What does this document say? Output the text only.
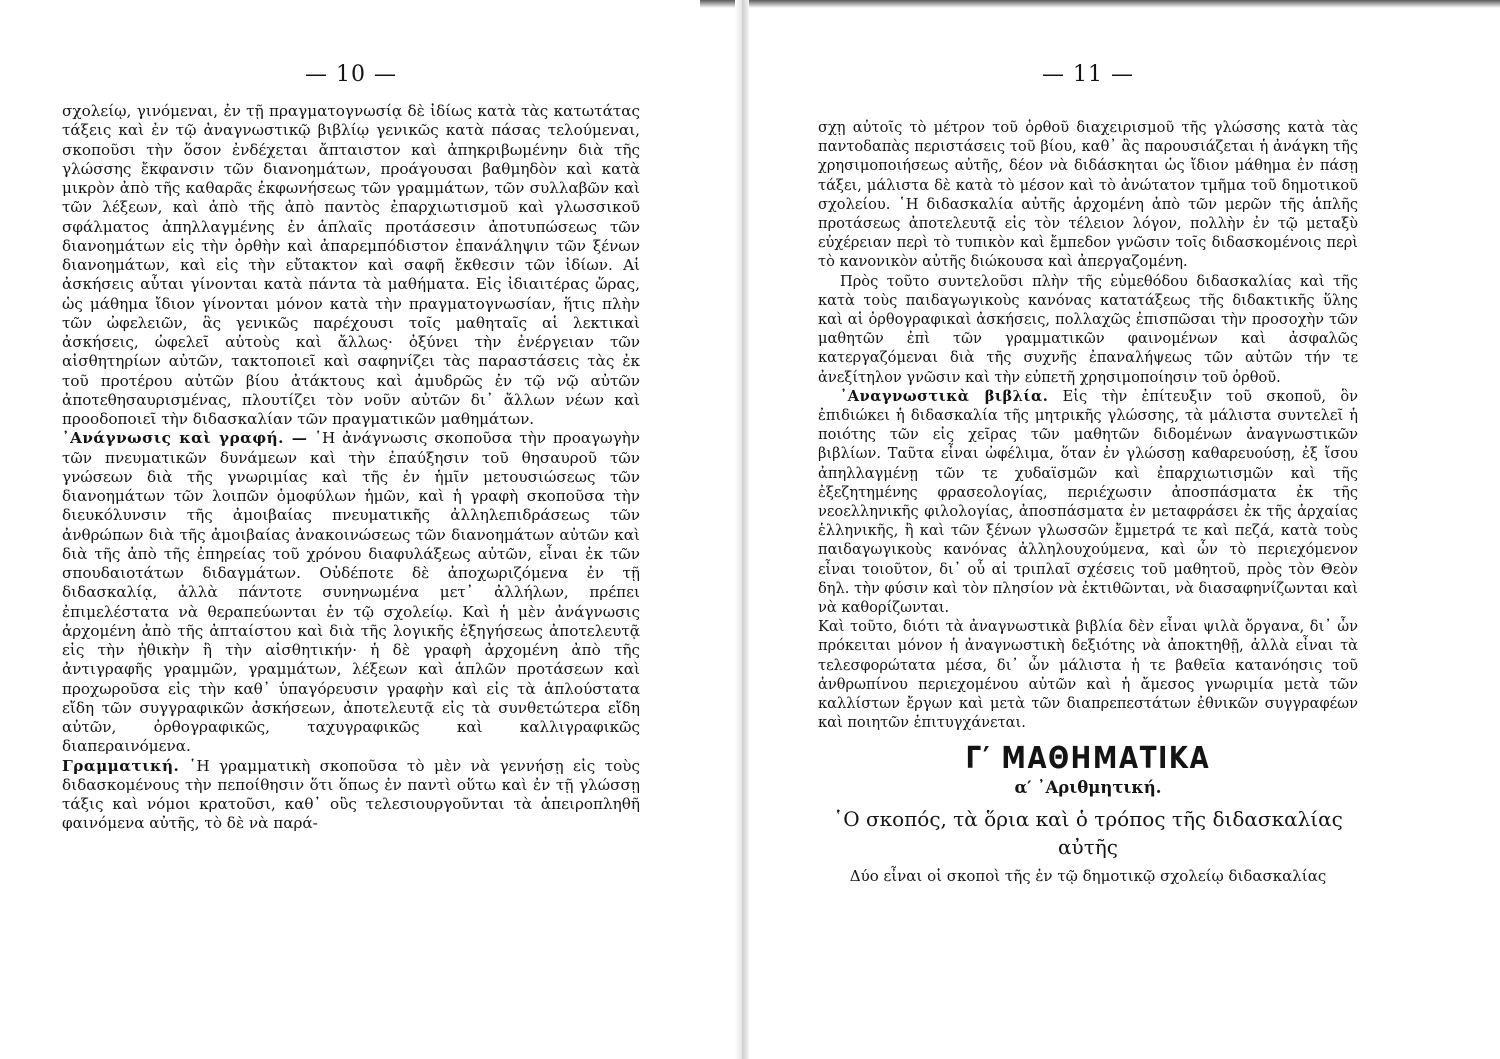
— 10 —

σχολείῳ, γινόμεναι, ἐν τῇ πραγματογνωσίᾳ δὲ ἰδίως κατὰ τὰς κατωτάτας τάξεις καὶ ἐν τῷ ἀναγνωστικῷ βιβλίῳ γενικῶς κατὰ πάσας τελούμεναι, σκοποῦσι τὴν ὅσον ἐνδέχεται ἄπταιστον καὶ ἀπηκριβωμένην διὰ τῆς γλώσσης ἔκφανσιν τῶν διανοημάτων, προάγουσαι βαθμηδὸν καὶ κατὰ μικρὸν ἀπὸ τῆς καθαρᾶς ἐκφωνήσεως τῶν γραμμάτων, τῶν συλλαβῶν καὶ τῶν λέξεων, καὶ ἀπὸ τῆς ἀπὸ παντὸς ἐπαρχιωτισμοῦ καὶ γλωσσικοῦ σφάλματος ἀπηλλαγμένης ἐν ἁπλαῖς προτάσεσιν ἀποτυπώσεως τῶν διανοημάτων εἰς τὴν ὀρθὴν καὶ ἀπαρεμπόδιστον ἐπανάληψιν τῶν ξένων διανοημάτων, καὶ εἰς τὴν εὔτακτον καὶ σαφῆ ἔκθεσιν τῶν ἰδίων. Αἱ ἀσκήσεις αὗται γίνονται κατὰ πάντα τὰ μαθήματα. Εἰς ἰδιαιτέρας ὥρας, ὡς μάθημα ἴδιον γίνονται μόνον κατὰ τὴν πραγματογνωσίαν, ἥτις πλὴν τῶν ὠφελειῶν, ἃς γενικῶς παρέχουσι τοῖς μαθηταῖς αἱ λεκτικαὶ ἀσκήσεις, ὠφελεῖ αὐτοὺς καὶ ἄλλως· ὀξύνει τὴν ἐνέργειαν τῶν αἰσθητηρίων αὐτῶν, τακτοποιεῖ καὶ σαφηνίζει τὰς παραστάσεις τὰς ἐκ τοῦ προτέρου αὐτῶν βίου ἀτάκτους καὶ ἀμυδρῶς ἐν τῷ νῷ αὐτῶν ἀποτεθησαυρισμένας, πλουτίζει τὸν νοῦν αὐτῶν δι᾽ ἄλλων νέων καὶ προοδοποιεῖ τὴν διδασκαλίαν τῶν πραγματικῶν μαθημάτων.

᾿Ανάγνωσις καὶ γραφή. — ῾Η ἀνάγνωσις σκοποῦσα τὴν προαγωγὴν τῶν πνευματικῶν δυνάμεων καὶ τὴν ἐπαύξησιν τοῦ θησαυροῦ τῶν γνώσεων διὰ τῆς γνωριμίας καὶ τῆς ἐν ἡμῖν μετουσιώσεως τῶν διανοημάτων τῶν λοιπῶν ὁμοφύλων ἡμῶν, καὶ ἡ γραφὴ σκοποῦσα τὴν διευκόλυνσιν τῆς ἀμοιβαίας πνευματικῆς ἀλληλεπιδράσεως τῶν ἀνθρώπων διὰ τῆς ἀμοιβαίας ἀνακοινώσεως τῶν διανοημάτων αὐτῶν καὶ διὰ τῆς ἀπὸ τῆς ἐπηρείας τοῦ χρόνου διαφυλάξεως αὐτῶν, εἶναι ἐκ τῶν σπουδαιοτάτων διδαγμάτων. Οὐδέποτε δὲ ἀποχωριζόμενα ἐν τῇ διδασκαλίᾳ, ἀλλὰ πάντοτε συνηνωμένα μετ᾽ ἀλλήλων, πρέπει ἐπιμελέστατα νὰ θεραπεύωνται ἐν τῷ σχολείῳ. Καὶ ἡ μὲν ἀνάγνωσις ἀρχομένη ἀπὸ τῆς ἀπταίστου καὶ διὰ τῆς λογικῆς ἐξηγήσεως ἀποτελευτᾷ εἰς τὴν ἠθικὴν ἢ τὴν αἰσθητικήν· ἡ δὲ γραφὴ ἀρχομένη ἀπὸ τῆς ἀντιγραφῆς γραμμῶν, γραμμάτων, λέξεων καὶ ἁπλῶν προτάσεων καὶ προχωροῦσα εἰς τὴν καθ᾽ ὑπαγόρευσιν γραφὴν καὶ εἰς τὰ ἁπλούστατα εἴδη τῶν συγγραφικῶν ἀσκήσεων, ἀποτελευτᾷ εἰς τὰ συνθετώτερα εἴδη αὐτῶν, ὀρθογραφικῶς, ταχυγραφικῶς καὶ καλλιγραφικῶς διαπεραινόμενα.

Γραμματική. ῾Η γραμματικὴ σκοποῦσα τὸ μὲν νὰ γεννήσῃ εἰς τοὺς διδασκομένους τὴν πεποίθησιν ὅτι ὅπως ἐν παντὶ οὕτω καὶ ἐν τῇ γλώσσῃ τάξις καὶ νόμοι κρατοῦσι, καθ᾽ οὓς τελεσιουργοῦνται τὰ ἀπειροπληθῆ φαινόμενα αὐτῆς, τὸ δὲ νὰ παρά-

— 11 —

σχῃ αὐτοῖς τὸ μέτρον τοῦ ὀρθοῦ διαχειρισμοῦ τῆς γλώσσης κατὰ τὰς παντοδαπὰς περιστάσεις τοῦ βίου, καθ᾽ ἃς παρουσιάζεται ἡ ἀνάγκη τῆς χρησιμοποιήσεως αὐτῆς, δέον νὰ διδάσκηται ὡς ἴδιον μάθημα ἐν πάσῃ τάξει, μάλιστα δὲ κατὰ τὸ μέσον καὶ τὸ ἀνώτατον τμῆμα τοῦ δημοτικοῦ σχολείου. ῾Η διδασκαλία αὐτῆς ἀρχομένη ἀπὸ τῶν μερῶν τῆς ἁπλῆς προτάσεως ἀποτελευτᾷ εἰς τὸν τέλειον λόγον, πολλὴν ἐν τῷ μεταξὺ εὐχέρειαν περὶ τὸ τυπικὸν καὶ ἔμπεδον γνῶσιν τοῖς διδασκομένοις περὶ τὸ κανονικὸν αὐτῆς διώκουσα καὶ ἀπεργαζομένη.

Πρὸς τοῦτο συντελοῦσι πλὴν τῆς εὐμεθόδου διδασκαλίας καὶ τῆς κατὰ τοὺς παιδαγωγικοὺς κανόνας κατατάξεως τῆς διδακτικῆς ὕλης καὶ αἱ ὀρθογραφικαὶ ἀσκήσεις, πολλαχῶς ἐπισπῶσαι τὴν προσοχὴν τῶν μαθητῶν ἐπὶ τῶν γραμματικῶν φαινομένων καὶ ἀσφαλῶς κατεργαζόμεναι διὰ τῆς συχνῆς ἐπαναλήψεως τῶν αὐτῶν τήν τε ἀνεξίτηλον γνῶσιν καὶ τὴν εὐπετῆ χρησιμοποίησιν τοῦ ὀρθοῦ.

᾿Αναγνωστικὰ βιβλία. Εἰς τὴν ἐπίτευξιν τοῦ σκοποῦ, ὃν ἐπιδιώκει ἡ διδασκαλία τῆς μητρικῆς γλώσσης, τὰ μάλιστα συντελεῖ ἡ ποιότης τῶν εἰς χεῖρας τῶν μαθητῶν διδομένων ἀναγνωστικῶν βιβλίων. Ταῦτα εἶναι ὠφέλιμα, ὅταν ἐν γλώσσῃ καθαρευούσῃ, ἐξ ἴσου ἀπηλλαγμένῃ τῶν τε χυδαϊσμῶν καὶ ἐπαρχιωτισμῶν καὶ τῆς ἐξεζητημένης φρασεολογίας, περιέχωσιν ἀποσπάσματα ἐκ τῆς νεοελληνικῆς φιλολογίας, ἀποσπάσματα ἐν μεταφράσει ἐκ τῆς ἀρχαίας ἑλληνικῆς, ἢ καὶ τῶν ξένων γλωσσῶν ἔμμετρά τε καὶ πεζά, κατὰ τοὺς παιδαγωγικοὺς κανόνας ἀλληλουχούμενα, καὶ ὧν τὸ περιεχόμενον εἶναι τοιοῦτον, δι᾽ οὗ αἱ τριπλαῖ σχέσεις τοῦ μαθητοῦ, πρὸς τὸν Θεὸν δηλ. τὴν φύσιν καὶ τὸν πλησίον νὰ ἐκτιθῶνται, νὰ διασαφηνίζωνται καὶ νὰ καθορίζωνται.

Καὶ τοῦτο, διότι τὰ ἀναγνωστικὰ βιβλία δὲν εἶναι ψιλὰ ὄργανα, δι᾽ ὧν πρόκειται μόνον ἡ ἀναγνωστικὴ δεξιότης νὰ ἀποκτηθῇ, ἀλλὰ εἶναι τὰ τελεσφορώτατα μέσα, δι᾽ ὧν μάλιστα ἡ τε βαθεῖα κατανόησις τοῦ ἀνθρωπίνου περιεχομένου αὐτῶν καὶ ἡ ἄμεσος γνωριμία μετὰ τῶν καλλίστων ἔργων καὶ μετὰ τῶν διαπρεπεστάτων ἐθνικῶν συγγραφέων καὶ ποιητῶν ἐπιτυγχάνεται.

Γ′ ΜΑΘΗΜΑΤΙΚΑ
α′ ᾿Αριθμητική.
῾Ο σκοπός, τὰ ὅρια καὶ ὁ τρόπος τῆς διδασκαλίας αὐτῆς
Δύο εἶναι οἱ σκοποὶ τῆς ἐν τῷ δημοτικῷ σχολείῳ διδασκαλίας
